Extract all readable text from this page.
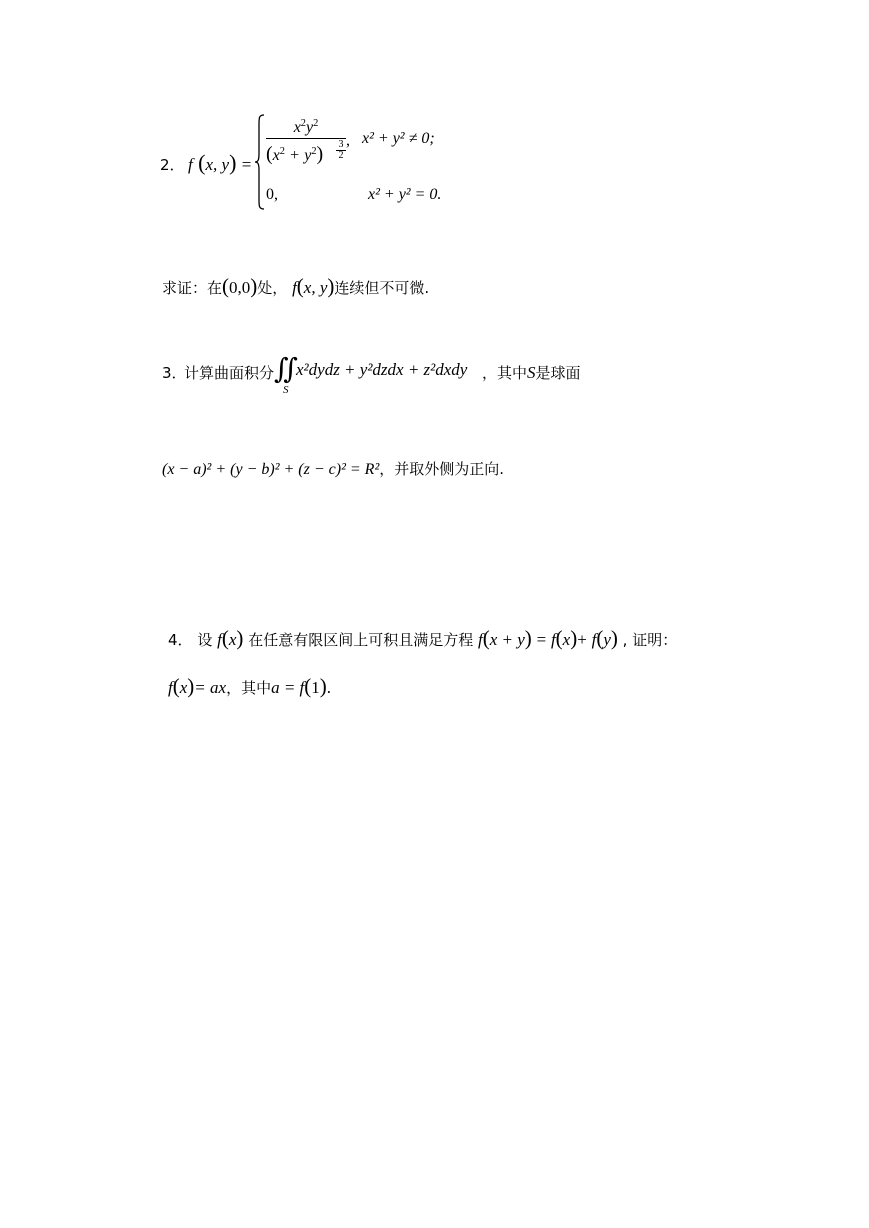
2． f (x, y) =
$x^2y^2$
$(x^2 + y^2)$	3
2
, x² + y² ≠ 0;
0,	x² + y² = 0.
求证：在(0,0)处， f(x, y)连续但不可微.
3．
计算曲面积分 ∬
S
x²dydz + y²dzdx + z²dxdy ，其中S是球面
(x − a)² + (y − b)² + (z − c)² = R²，并取外侧为正向.
4． 设 f(x) 在任意有限区间上可积且满足方程 f(x + y) = f(x)+ f(y) , 证明：
f(x)= ax，其中a = f(1).
